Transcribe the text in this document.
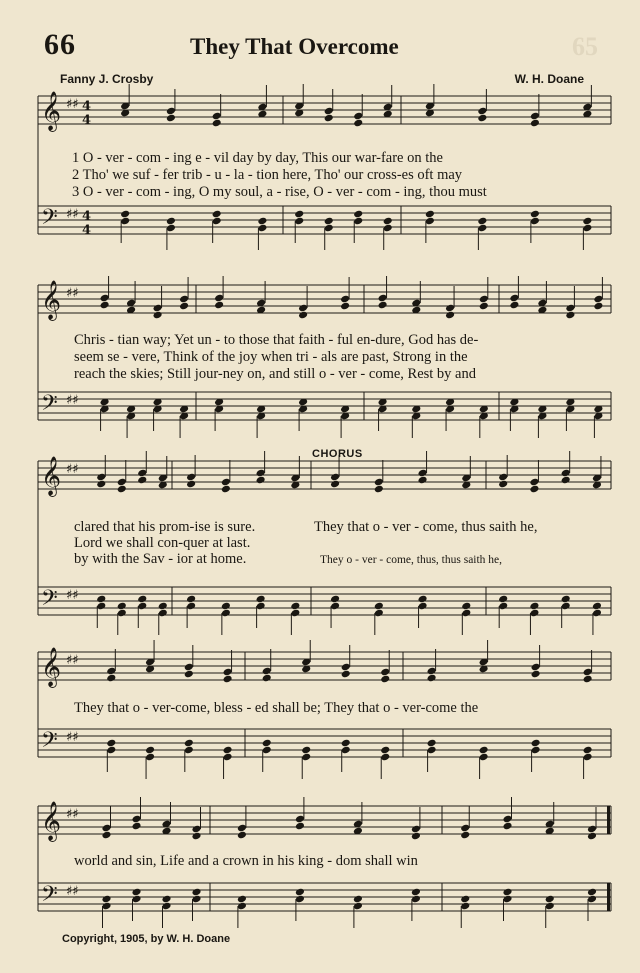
66	They That Overcome	65
Fanny J. Crosby	W. H. Doane
𝄞 ♯♯ 4
4
𝄢 ♯♯ 4
4
𝄞 ♯♯
𝄢 ♯♯
𝄞 ♯♯
𝄢 ♯♯
𝄞 ♯♯
𝄢 ♯♯
𝄞 ♯♯
𝄢 ♯♯
CHORUS
1 O - ver - com - ing e - vil day by day, This our war-fare on the
2 Tho' we suf - fer trib - u - la - tion here, Tho' our cross-es oft may
3 O - ver - com - ing, O my soul, a - rise, O - ver - com - ing, thou must
Chris - tian way; Yet un - to those that faith - ful en-dure, God has de-
seem se - vere, Think of the joy when tri - als are past, Strong in the
reach the skies; Still jour-ney on, and still o - ver - come, Rest by and
clared that his prom-ise is sure.
Lord we shall con-quer at last.
by with the Sav - ior at home.
They that o - ver - come, thus saith he,
They o - ver - come, thus, thus saith he,
They that o - ver-come, bless - ed shall be; They that o - ver-come the
world and sin, Life and a crown in his king - dom shall win
Copyright, 1905, by W. H. Doane
